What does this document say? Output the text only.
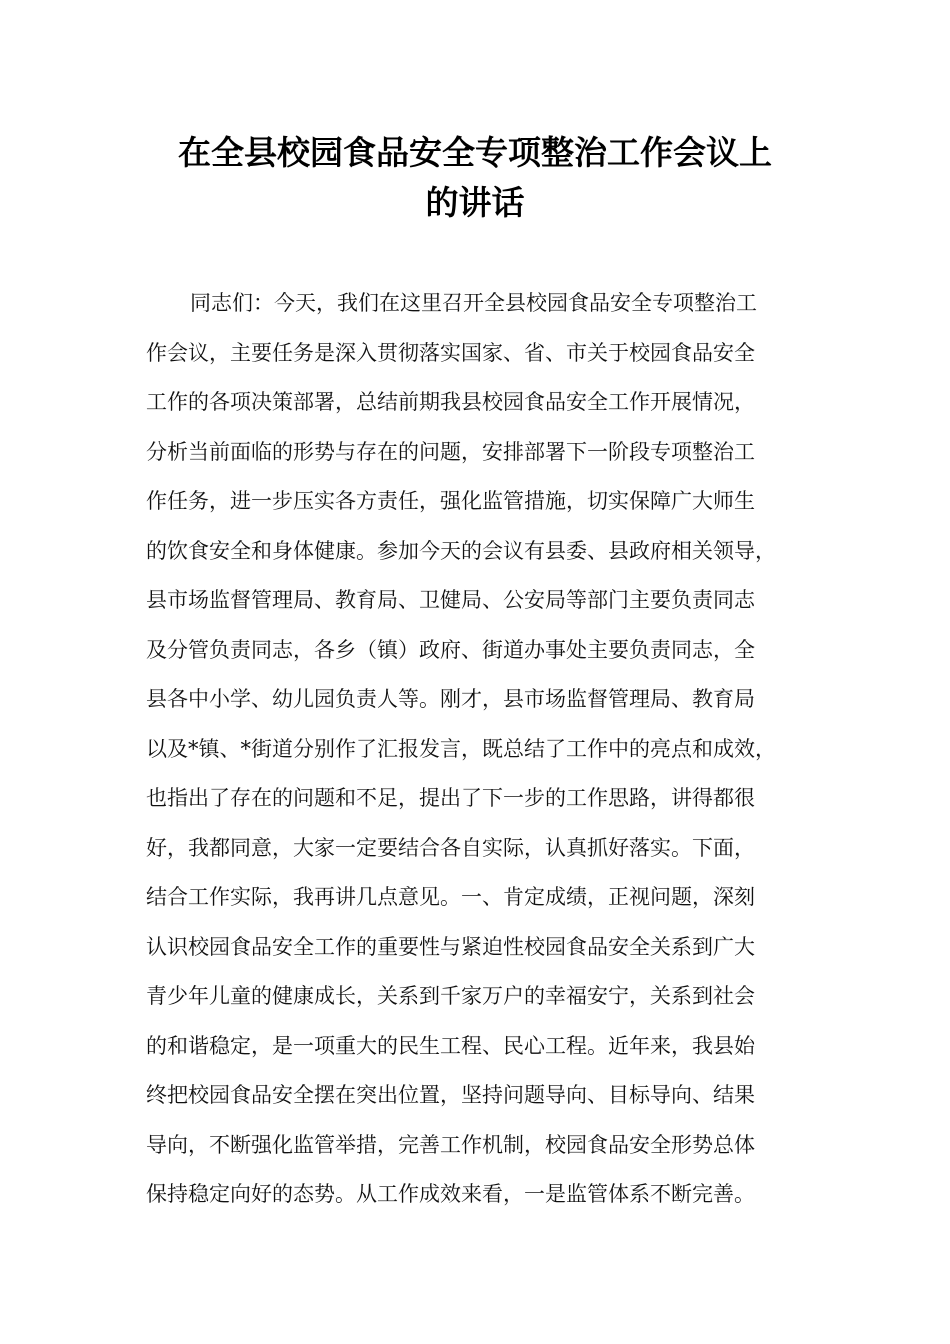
在全县校园食品安全专项整治工作会议上
的讲话
同志们：今天，我们在这里召开全县校园食品安全专项整治工
作会议，主要任务是深入贯彻落实国家、省、市关于校园食品安全
工作的各项决策部署，总结前期我县校园食品安全工作开展情况，
分析当前面临的形势与存在的问题，安排部署下一阶段专项整治工
作任务，进一步压实各方责任，强化监管措施，切实保障广大师生
的饮食安全和身体健康。参加今天的会议有县委、县政府相关领导，
县市场监督管理局、教育局、卫健局、公安局等部门主要负责同志
及分管负责同志，各乡（镇）政府、街道办事处主要负责同志，全
县各中小学、幼儿园负责人等。刚才，县市场监督管理局、教育局
以及*镇、*街道分别作了汇报发言，既总结了工作中的亮点和成效，
也指出了存在的问题和不足，提出了下一步的工作思路，讲得都很
好，我都同意，大家一定要结合各自实际，认真抓好落实。下面，
结合工作实际，我再讲几点意见。一、肯定成绩，正视问题，深刻
认识校园食品安全工作的重要性与紧迫性校园食品安全关系到广大
青少年儿童的健康成长，关系到千家万户的幸福安宁，关系到社会
的和谐稳定，是一项重大的民生工程、民心工程。近年来，我县始
终把校园食品安全摆在突出位置，坚持问题导向、目标导向、结果
导向，不断强化监管举措，完善工作机制，校园食品安全形势总体
保持稳定向好的态势。从工作成效来看，一是监管体系不断完善。
